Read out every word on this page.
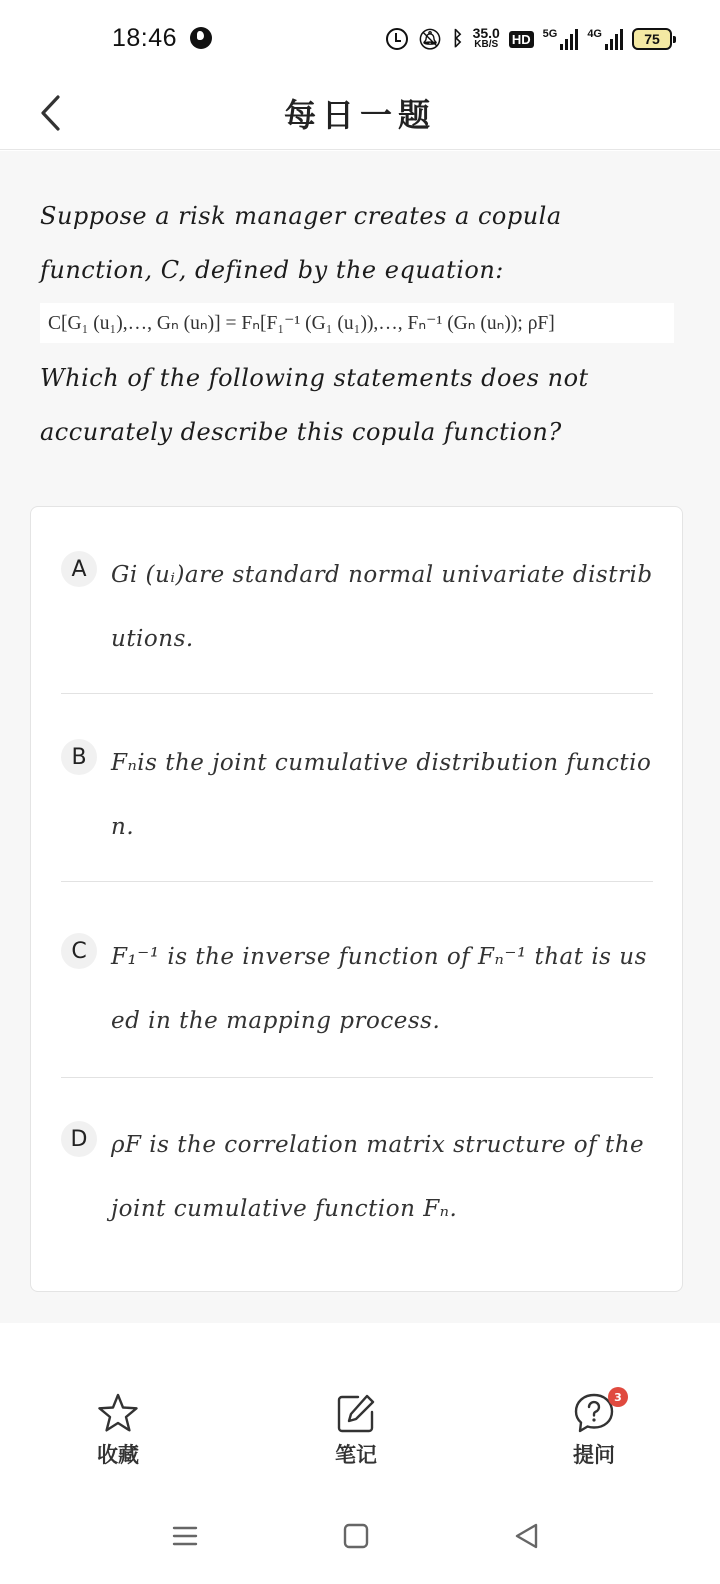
18:46	🔕︎ ᛒ 35.0
KB/S HD 5G	4G	75
每日一题
Suppose a risk manager creates a copula function, C, defined by the equation:
C[G₁ (u₁),…, Gₙ (uₙ)] = Fₙ[F₁⁻¹ (G₁ (u₁)),…, Fₙ⁻¹ (Gₙ (uₙ)); ρF]
Which of the following statements does not accurately describe this copula function?
A	Gi (uᵢ)are standard normal univariate distributions.
B	Fₙis the joint cumulative distribution function.
C	F₁⁻¹ is the inverse function of Fₙ⁻¹ that is used in the mapping process.
D	ρF is the correlation matrix structure of the joint cumulative function Fₙ.
收藏	笔记
3
提问
